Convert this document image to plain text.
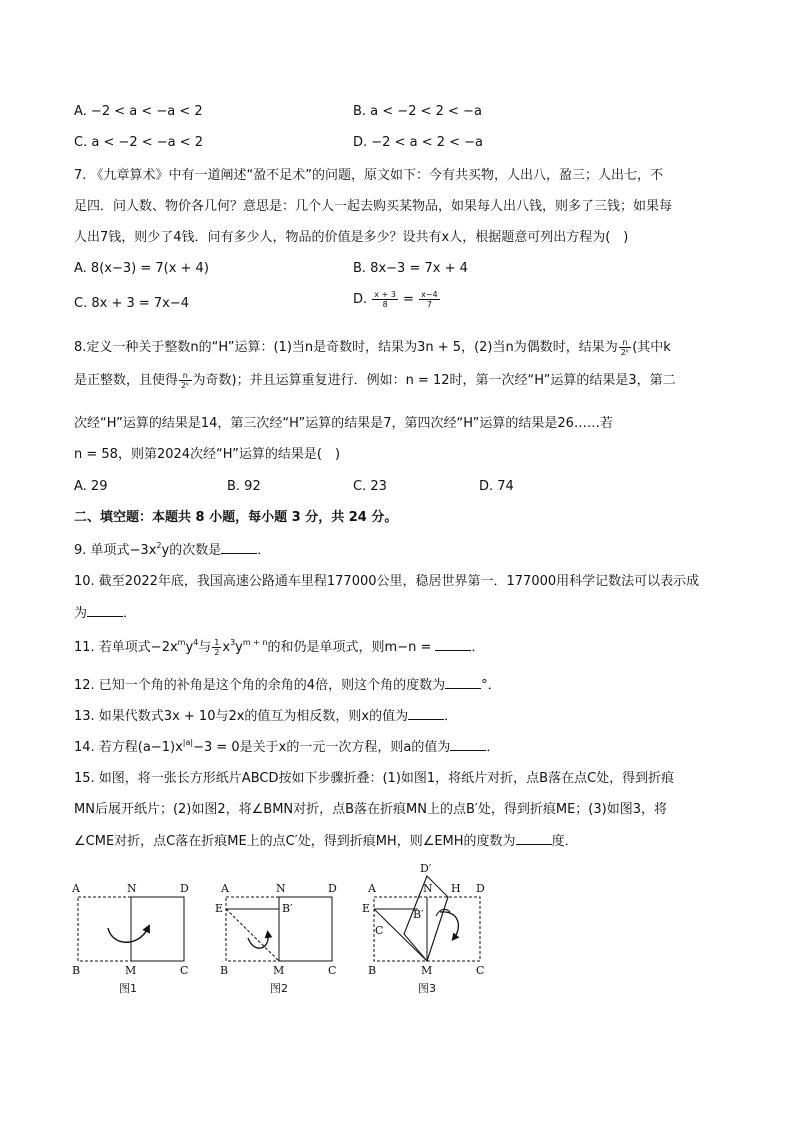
A. −2 < a < −a < 2	B. a < −2 < 2 < −a
C. a < −2 < −a < 2	D. −2 < a < 2 < −a
7. 《九章算术》中有一道阐述“盈不足术”的问题，原文如下：今有共买物，人出八，盈三；人出七，不
足四．问人数、物价各几何？意思是：几个人一起去购买某物品，如果每人出八钱，则多了三钱；如果每
人出7钱，则少了4钱．问有多少人，物品的价值是多少？设共有x人，根据题意可列出方程为(　)
A. 8(x−3) = 7(x + 4)	B. 8x−3 = 7x + 4
C. 8x + 3 = 7x−4	D. $\frac{x + 3}{8} = \frac{x-4}{7}$
8.定义一种关于整数n的“H”运算：(1)当n是奇数时，结果为3n + 5，(2)当n为偶数时，结果为 $\frac{n}{\text{2ᵏ}}$ (其中k
是正整数，且使得 $\frac{n}{\text{2ᵏ}}$ 为奇数)；并且运算重复进行．例如：n = 12时，第一次经“H”运算的结果是3，第二
次经“H”运算的结果是14，第三次经“H”运算的结果是7，第四次经“H”运算的结果是26……若
n = 58，则第2024次经“H”运算的结果是(　)
A. 29	B. 92	C. 23	D. 74
二、填空题：本题共 8 小题，每小题 3 分，共 24 分。
9. 单项式$-3x^2y$的次数是	．
10. 截至2022年底，我国高速公路通车里程177000公里，稳居世界第一．177000用科学记数法可以表示成
为	．
11. 若单项式$-2x^my^4$与 $\frac{1}{2} x^3y^{m + n}$的和仍是单项式，则m−n =	．
12. 已知一个角的补角是这个角的余角的4倍，则这个角的度数为	°．
13. 如果代数式3x + 10与2x的值互为相反数，则x的值为	．
14. 若方程$(a-1)x^{|a|}-3 = 0$是关于x的一元一次方程，则a的值为	．
15. 如图，将一张长方形纸片ABCD按如下步骤折叠：(1)如图1，将纸片对折，点B落在点C处，得到折痕
MN后展开纸片；(2)如图2，将∠BMN对折，点B落在折痕MN上的点B′处，得到折痕ME；(3)如图3，将
∠CME对折，点C落在折痕ME上的点C′处，得到折痕MH，则∠EMH的度数为	度．
A	N	D
B	M	C
图1
A	N	D
E	B′
B	M	C
图2
D′
A	N H D
E	B′
C
B	M	C
图3
